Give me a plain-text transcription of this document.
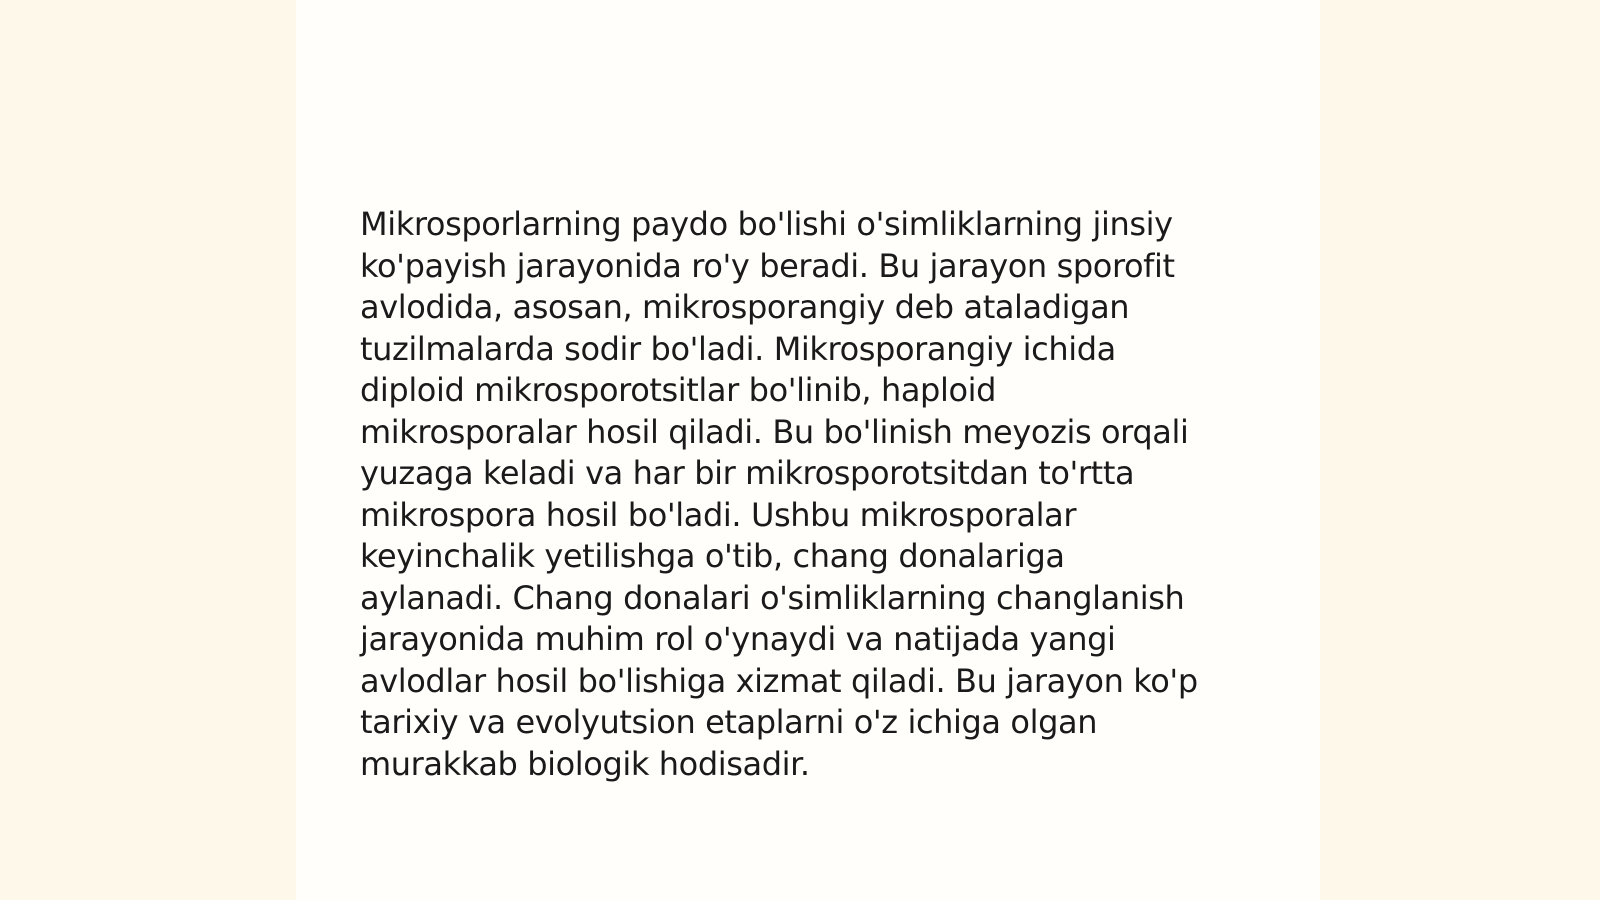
Mikrosporlarning paydo bo'lishi o'simliklarning jinsiy
ko'payish jarayonida ro'y beradi. Bu jarayon sporofit
avlodida, asosan, mikrosporangiy deb ataladigan
tuzilmalarda sodir bo'ladi. Mikrosporangiy ichida
diploid mikrosporotsitlar bo'linib, haploid
mikrosporalar hosil qiladi. Bu bo'linish meyozis orqali
yuzaga keladi va har bir mikrosporotsitdan to'rtta
mikrospora hosil bo'ladi. Ushbu mikrosporalar
keyinchalik yetilishga o'tib, chang donalariga
aylanadi. Chang donalari o'simliklarning changlanish
jarayonida muhim rol o'ynaydi va natijada yangi
avlodlar hosil bo'lishiga xizmat qiladi. Bu jarayon ko'p
tarixiy va evolyutsion etaplarni o'z ichiga olgan
murakkab biologik hodisadir.
